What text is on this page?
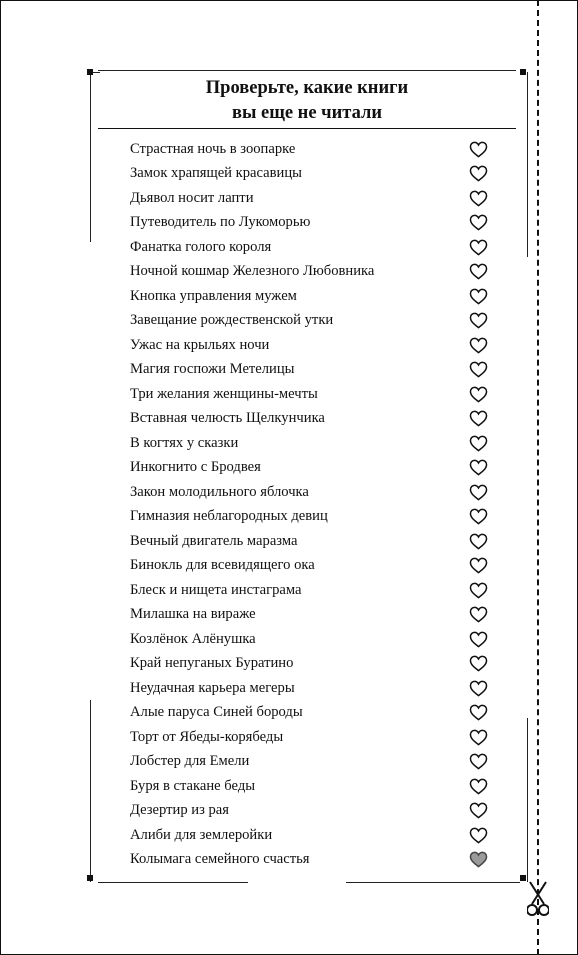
Проверьте, какие книги
вы еще не читали
Страстная ночь в зоопарке
Замок храпящей красавицы
Дьявол носит лапти
Путеводитель по Лукоморью
Фанатка голого короля
Ночной кошмар Железного Любовника
Кнопка управления мужем
Завещание рождественской утки
Ужас на крыльях ночи
Магия госпожи Метелицы
Три желания женщины-мечты
Вставная челюсть Щелкунчика
В когтях у сказки
Инкогнито с Бродвея
Закон молодильного яблочка
Гимназия неблагородных девиц
Вечный двигатель маразма
Бинокль для всевидящего ока
Блеск и нищета инстаграма
Милашка на вираже
Козлёнок Алёнушка
Край непуганых Буратино
Неудачная карьера мегеры
Алые паруса Синей бороды
Торт от Ябеды-корябеды
Лобстер для Емели
Буря в стакане беды
Дезертир из рая
Алиби для землеройки
Колымага семейного счастья
